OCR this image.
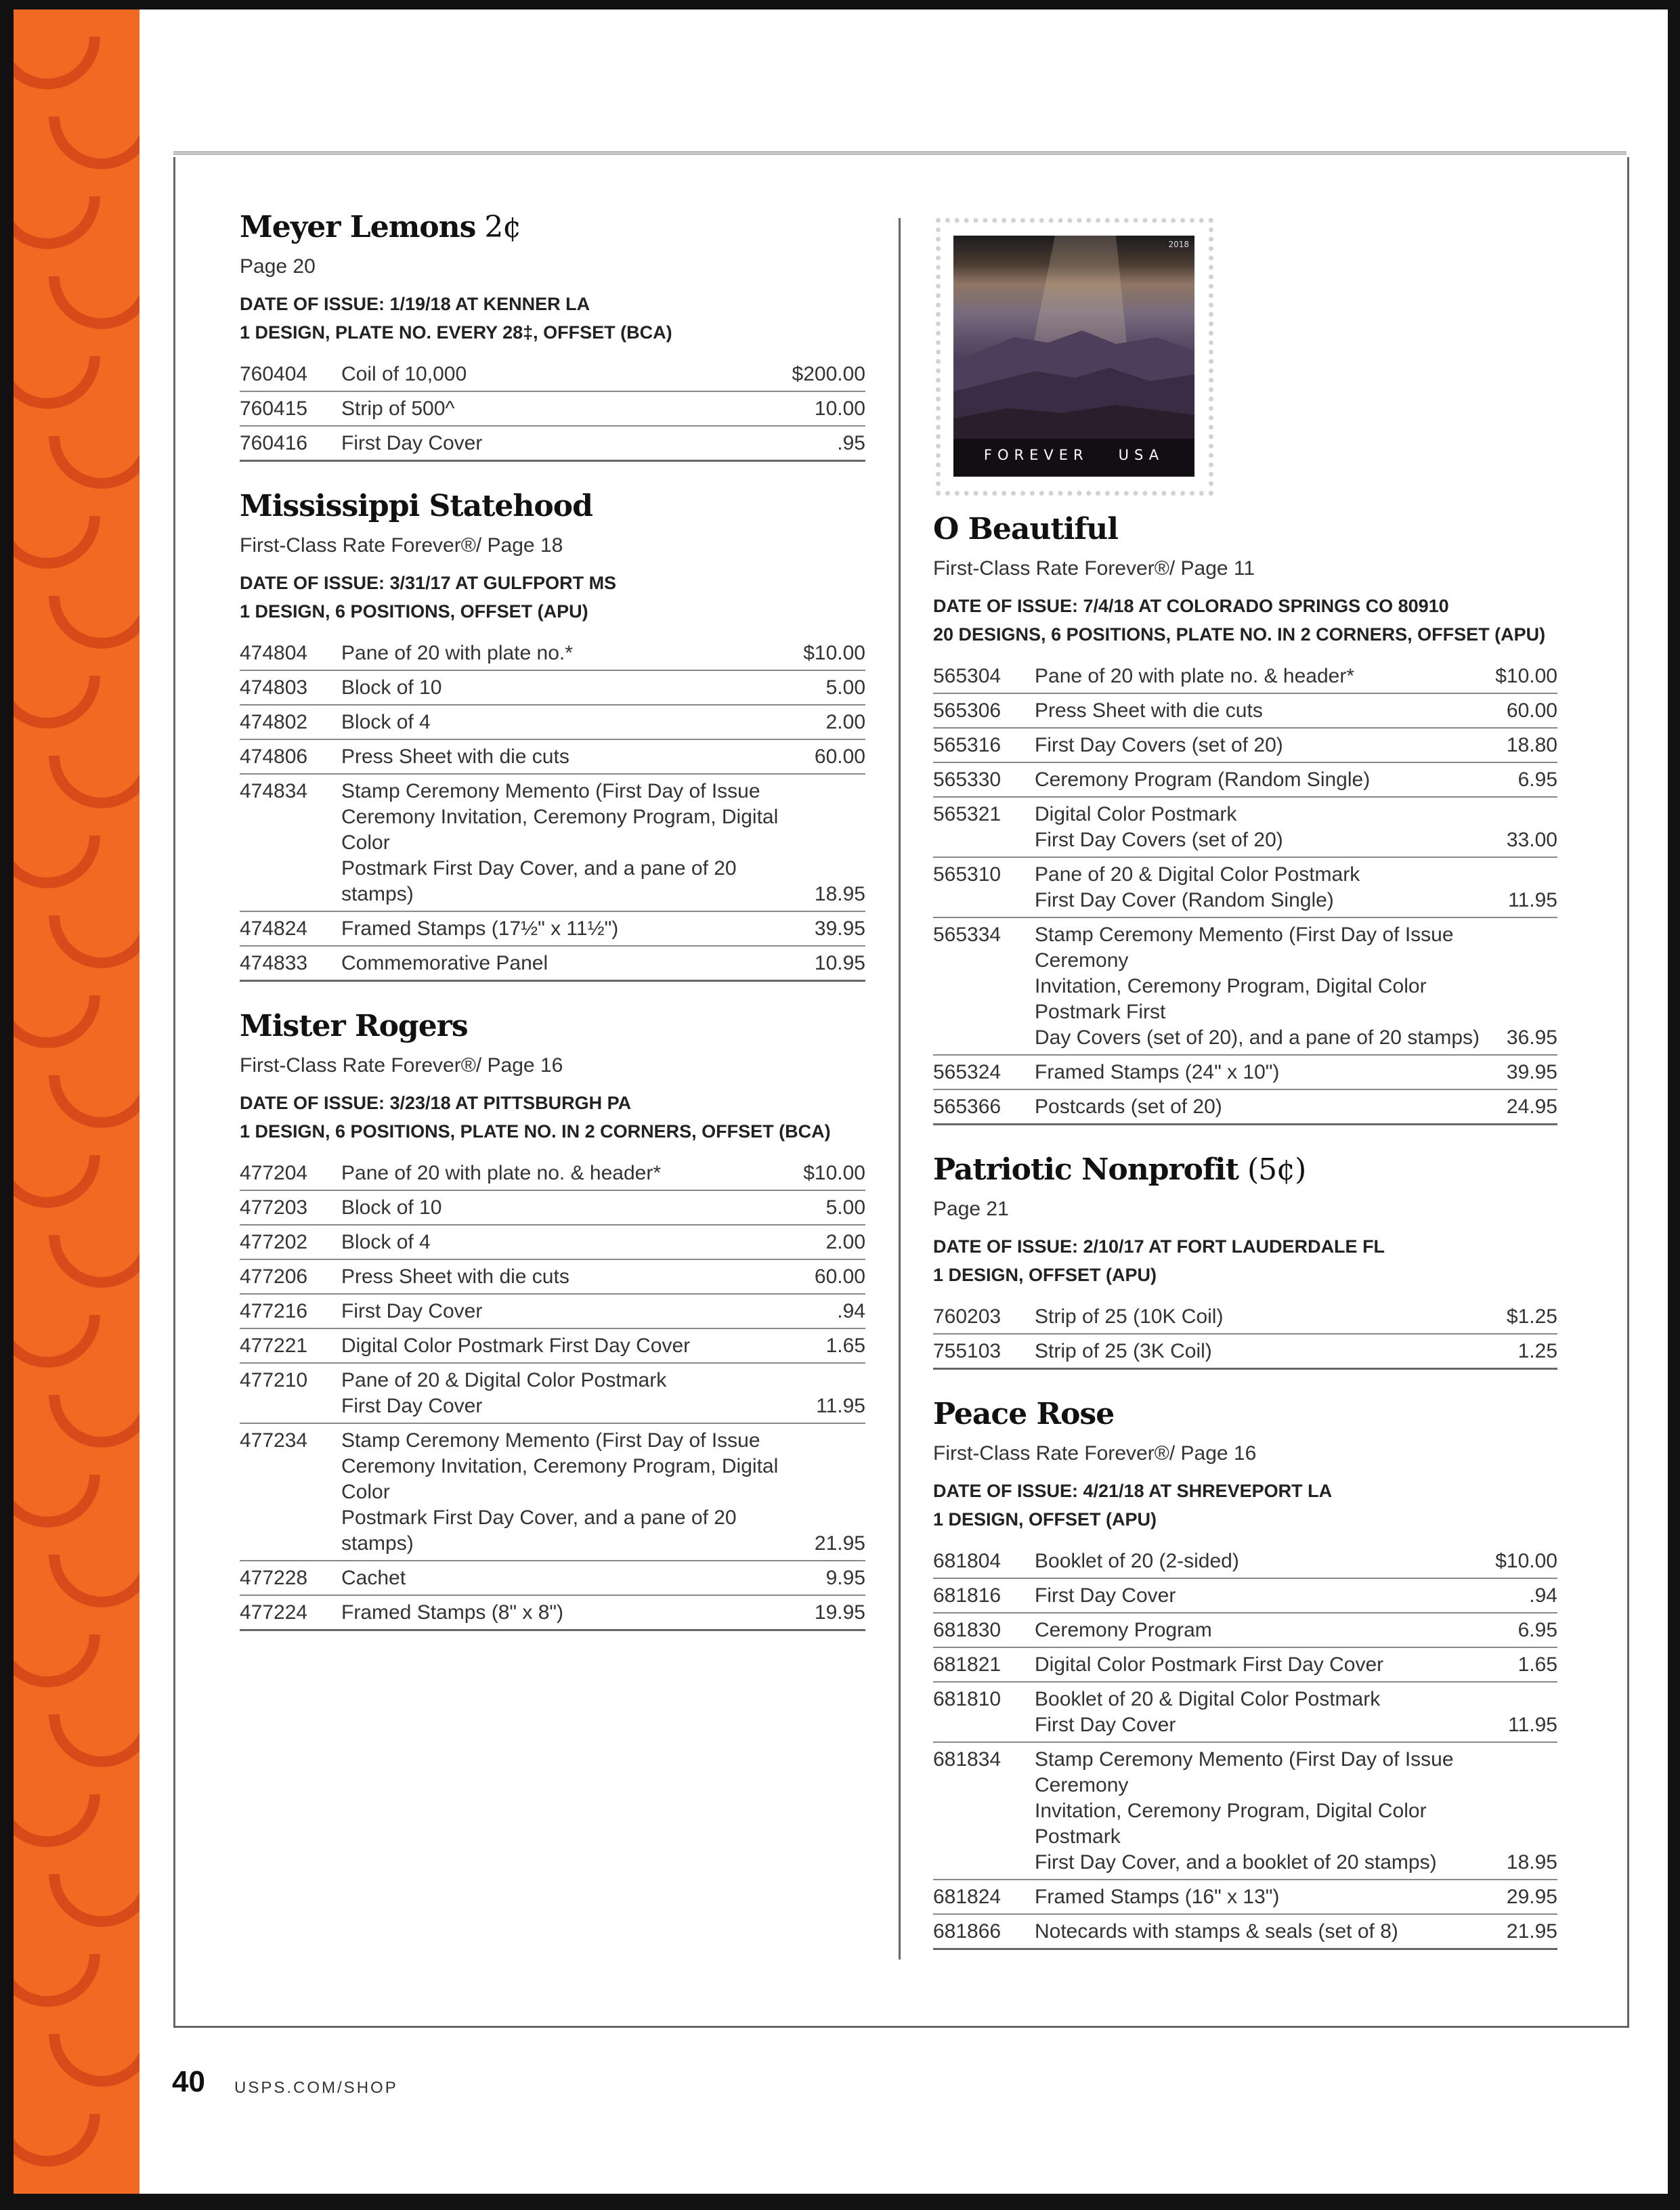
Meyer Lemons 2¢
Page 20
DATE OF ISSUE: 1/19/18 AT KENNER LA
1 DESIGN, PLATE NO. EVERY 28‡, OFFSET (BCA)
760404	Coil of 10,000	$200.00
760415	Strip of 500^	10.00
760416	First Day Cover	.95
Mississippi Statehood
First-Class Rate Forever®/ Page 18
DATE OF ISSUE: 3/31/17 AT GULFPORT MS
1 DESIGN, 6 POSITIONS, OFFSET (APU)
474804	Pane of 20 with plate no.*	$10.00
474803	Block of 10	5.00
474802	Block of 4	2.00
474806	Press Sheet with die cuts	60.00
474834	Stamp Ceremony Memento (First Day of Issue
Ceremony Invitation, Ceremony Program, Digital Color
Postmark First Day Cover, and a pane of 20 stamps)	18.95
474824	Framed Stamps (17½" x 11½")	39.95
474833	Commemorative Panel	10.95
Mister Rogers
First-Class Rate Forever®/ Page 16
DATE OF ISSUE: 3/23/18 AT PITTSBURGH PA
1 DESIGN, 6 POSITIONS, PLATE NO. IN 2 CORNERS, OFFSET (BCA)
477204	Pane of 20 with plate no. & header*	$10.00
477203	Block of 10	5.00
477202	Block of 4	2.00
477206	Press Sheet with die cuts	60.00
477216	First Day Cover	.94
477221	Digital Color Postmark First Day Cover	1.65
477210	Pane of 20 & Digital Color Postmark
First Day Cover	11.95
477234	Stamp Ceremony Memento (First Day of Issue
Ceremony Invitation, Ceremony Program, Digital Color
Postmark First Day Cover, and a pane of 20 stamps)	21.95
477228	Cachet	9.95
477224	Framed Stamps (8" x 8")	19.95
2018
FOREVER USA
O Beautiful
First-Class Rate Forever®/ Page 11
DATE OF ISSUE: 7/4/18 AT COLORADO SPRINGS CO 80910
20 DESIGNS, 6 POSITIONS, PLATE NO. IN 2 CORNERS, OFFSET (APU)
565304	Pane of 20 with plate no. & header*	$10.00
565306	Press Sheet with die cuts	60.00
565316	First Day Covers (set of 20)	18.80
565330	Ceremony Program (Random Single)	6.95
565321	Digital Color Postmark
First Day Covers (set of 20)	33.00
565310	Pane of 20 & Digital Color Postmark
First Day Cover (Random Single)	11.95
565334	Stamp Ceremony Memento (First Day of Issue Ceremony
Invitation, Ceremony Program, Digital Color Postmark First
Day Covers (set of 20), and a pane of 20 stamps)	36.95
565324	Framed Stamps (24" x 10")	39.95
565366	Postcards (set of 20)	24.95
Patriotic Nonprofit (5¢)
Page 21
DATE OF ISSUE: 2/10/17 AT FORT LAUDERDALE FL
1 DESIGN, OFFSET (APU)
760203	Strip of 25 (10K Coil)	$1.25
755103	Strip of 25 (3K Coil)	1.25
Peace Rose
First-Class Rate Forever®/ Page 16
DATE OF ISSUE: 4/21/18 AT SHREVEPORT LA
1 DESIGN, OFFSET (APU)
681804	Booklet of 20 (2-sided)	$10.00
681816	First Day Cover	.94
681830	Ceremony Program	6.95
681821	Digital Color Postmark First Day Cover	1.65
681810	Booklet of 20 & Digital Color Postmark
First Day Cover	11.95
681834	Stamp Ceremony Memento (First Day of Issue Ceremony
Invitation, Ceremony Program, Digital Color Postmark
First Day Cover, and a booklet of 20 stamps)	18.95
681824	Framed Stamps (16" x 13")	29.95
681866	Notecards with stamps & seals (set of 8)	21.95
40 USPS.COM/SHOP
